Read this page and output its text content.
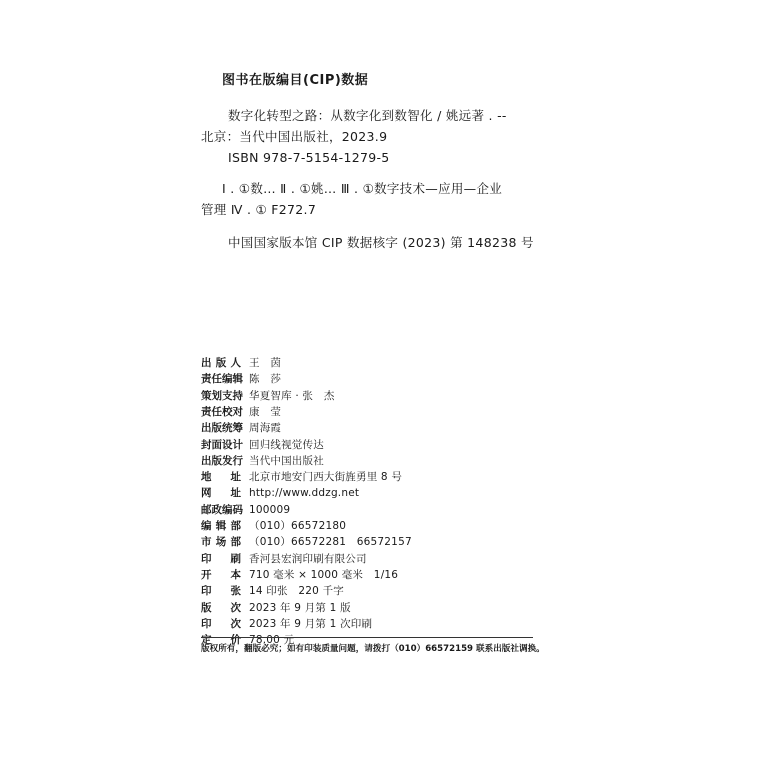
图书在版编目(CIP)数据
数字化转型之路：从数字化到数智化 / 姚远著 . --
北京：当代中国出版社，2023.9
ISBN 978-7-5154-1279-5
Ⅰ . ①数… Ⅱ . ①姚… Ⅲ . ①数字技术—应用—企业
管理 Ⅳ . ① F272.7
中国国家版本馆 CIP 数据核字 (2023) 第 148238 号
出版人 王　茵
责任编辑 陈　莎
策划支持 华夏智库 · 张　杰
责任校对 康　莹
出版统筹 周海霞
封面设计 回归线视觉传达
出版发行 当代中国出版社
地址 北京市地安门西大街旌勇里 8 号
网址 http://www.ddzg.net
邮政编码 100009
编辑部 （010）66572180
市场部 （010）66572281　66572157
印刷 香河县宏润印刷有限公司
开本 710 毫米 × 1000 毫米　1/16
印张 14 印张　220 千字
版次 2023 年 9 月第 1 版
印次 2023 年 9 月第 1 次印刷
定价 78.00 元
版权所有，翻版必究；如有印装质量问题，请拨打（010）66572159 联系出版社调换。
